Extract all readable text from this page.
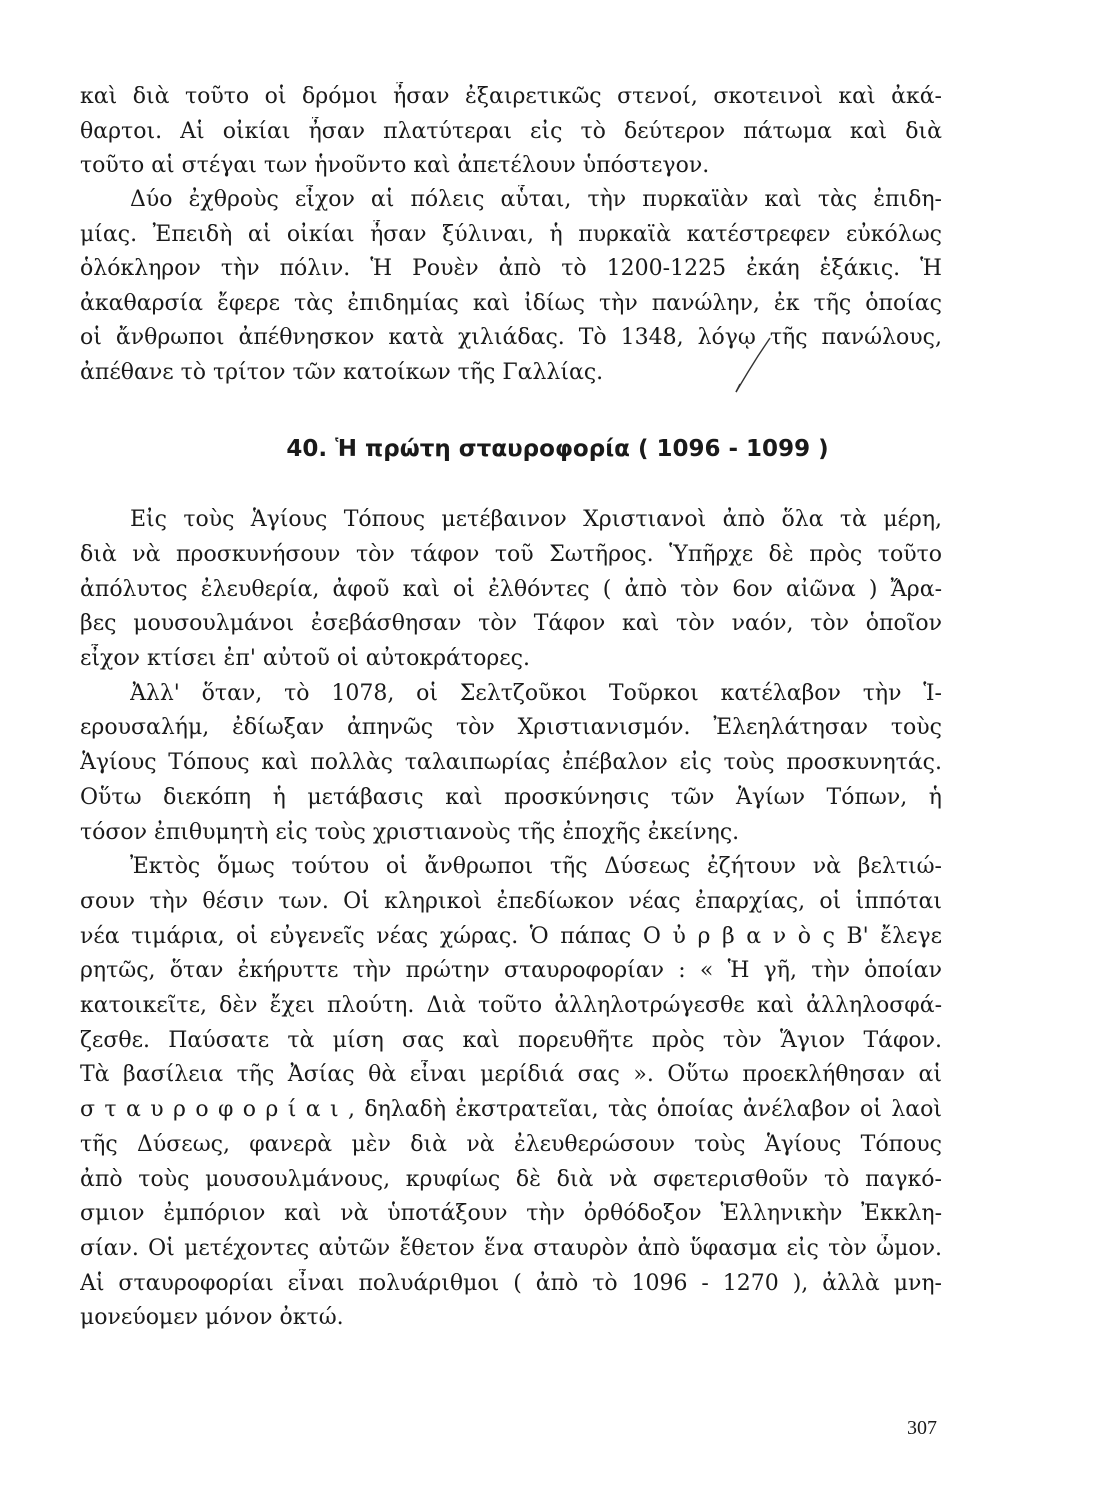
καὶ διὰ τοῦτο οἱ δρόμοι ἦσαν ἐξαιρετικῶς στενοί, σκοτεινοὶ καὶ ἀκά-
θαρτοι. Αἱ οἰκίαι ἦσαν πλατύτεραι εἰς τὸ δεύτερον πάτωμα καὶ διὰ
τοῦτο αἱ στέγαι των ἡνοῦντο καὶ ἀπετέλουν ὑπόστεγον.
Δύο ἐχθροὺς εἶχον αἱ πόλεις αὗται, τὴν πυρκαϊὰν καὶ τὰς ἐπιδη-
μίας. Ἐπειδὴ αἱ οἰκίαι ἦσαν ξύλιναι, ἡ πυρκαϊὰ κατέστρεφεν εὐκόλως
ὁλόκληρον τὴν πόλιν. Ἡ Ρουὲν ἀπὸ τὸ 1200-1225 ἐκάη ἑξάκις. Ἡ
ἀκαθαρσία ἔφερε τὰς ἐπιδημίας καὶ ἰδίως τὴν πανώλην, ἐκ τῆς ὁποίας
οἱ ἄνθρωποι ἀπέθνησκον κατὰ χιλιάδας. Τὸ 1348, λόγῳ τῆς πανώλους,
ἀπέθανε τὸ τρίτον τῶν κατοίκων τῆς Γαλλίας.
40. Ἡ πρώτη σταυροφορία ( 1096 - 1099 )
Εἰς τοὺς Ἁγίους Τόπους μετέβαινον Χριστιανοὶ ἀπὸ ὅλα τὰ μέρη,
διὰ νὰ προσκυνήσουν τὸν τάφον τοῦ Σωτῆρος. Ὑπῆρχε δὲ πρὸς τοῦτο
ἀπόλυτος ἐλευθερία, ἀφοῦ καὶ οἱ ἐλθόντες ( ἀπὸ τὸν 6ον αἰῶνα ) Ἄρα-
βες μουσουλμάνοι ἐσεβάσθησαν τὸν Τάφον καὶ τὸν ναόν, τὸν ὁποῖον
εἶχον κτίσει ἐπ' αὐτοῦ οἱ αὐτοκράτορες.
Ἀλλ' ὅταν, τὸ 1078, οἱ Σελτζοῦκοι Τοῦρκοι κατέλαβον τὴν Ἱ-
ερουσαλήμ, ἐδίωξαν ἀπηνῶς τὸν Χριστιανισμόν. Ἐλεηλάτησαν τοὺς
Ἁγίους Τόπους καὶ πολλὰς ταλαιπωρίας ἐπέβαλον εἰς τοὺς προσκυνητάς.
Οὕτω διεκόπη ἡ μετάβασις καὶ προσκύνησις τῶν Ἁγίων Τόπων, ἡ
τόσον ἐπιθυμητὴ εἰς τοὺς χριστιανοὺς τῆς ἐποχῆς ἐκείνης.
Ἐκτὸς ὅμως τούτου οἱ ἄνθρωποι τῆς Δύσεως ἐζήτουν νὰ βελτιώ-
σουν τὴν θέσιν των. Οἱ κληρικοὶ ἐπεδίωκον νέας ἐπαρχίας, οἱ ἱππόται
νέα τιμάρια, οἱ εὐγενεῖς νέας χώρας. Ὁ πάπας Ο ὐ ρ β α ν ὸ ς Β' ἔλεγε
ρητῶς, ὅταν ἐκήρυττε τὴν πρώτην σταυροφορίαν : « Ἡ γῆ, τὴν ὁποίαν
κατοικεῖτε, δὲν ἔχει πλούτη. Διὰ τοῦτο ἀλληλοτρώγεσθε καὶ ἀλληλοσφά-
ζεσθε. Παύσατε τὰ μίση σας καὶ πορευθῆτε πρὸς τὸν Ἅγιον Τάφον.
Τὰ βασίλεια τῆς Ἀσίας θὰ εἶναι μερίδιά σας ». Οὕτω προεκλήθησαν αἱ
σ τ α υ ρ ο φ ο ρ ί α ι , δηλαδὴ ἐκστρατεῖαι, τὰς ὁποίας ἀνέλαβον οἱ λαοὶ
τῆς Δύσεως, φανερὰ μὲν διὰ νὰ ἐλευθερώσουν τοὺς Ἁγίους Τόπους
ἀπὸ τοὺς μουσουλμάνους, κρυφίως δὲ διὰ νὰ σφετερισθοῦν τὸ παγκό-
σμιον ἐμπόριον καὶ νὰ ὑποτάξουν τὴν ὀρθόδοξον Ἑλληνικὴν Ἐκκλη-
σίαν. Οἱ μετέχοντες αὐτῶν ἔθετον ἕνα σταυρὸν ἀπὸ ὕφασμα εἰς τὸν ὦμον.
Αἱ σταυροφορίαι εἶναι πολυάριθμοι ( ἀπὸ τὸ 1096 - 1270 ), ἀλλὰ μνη-
μονεύομεν μόνον ὀκτώ.
307
